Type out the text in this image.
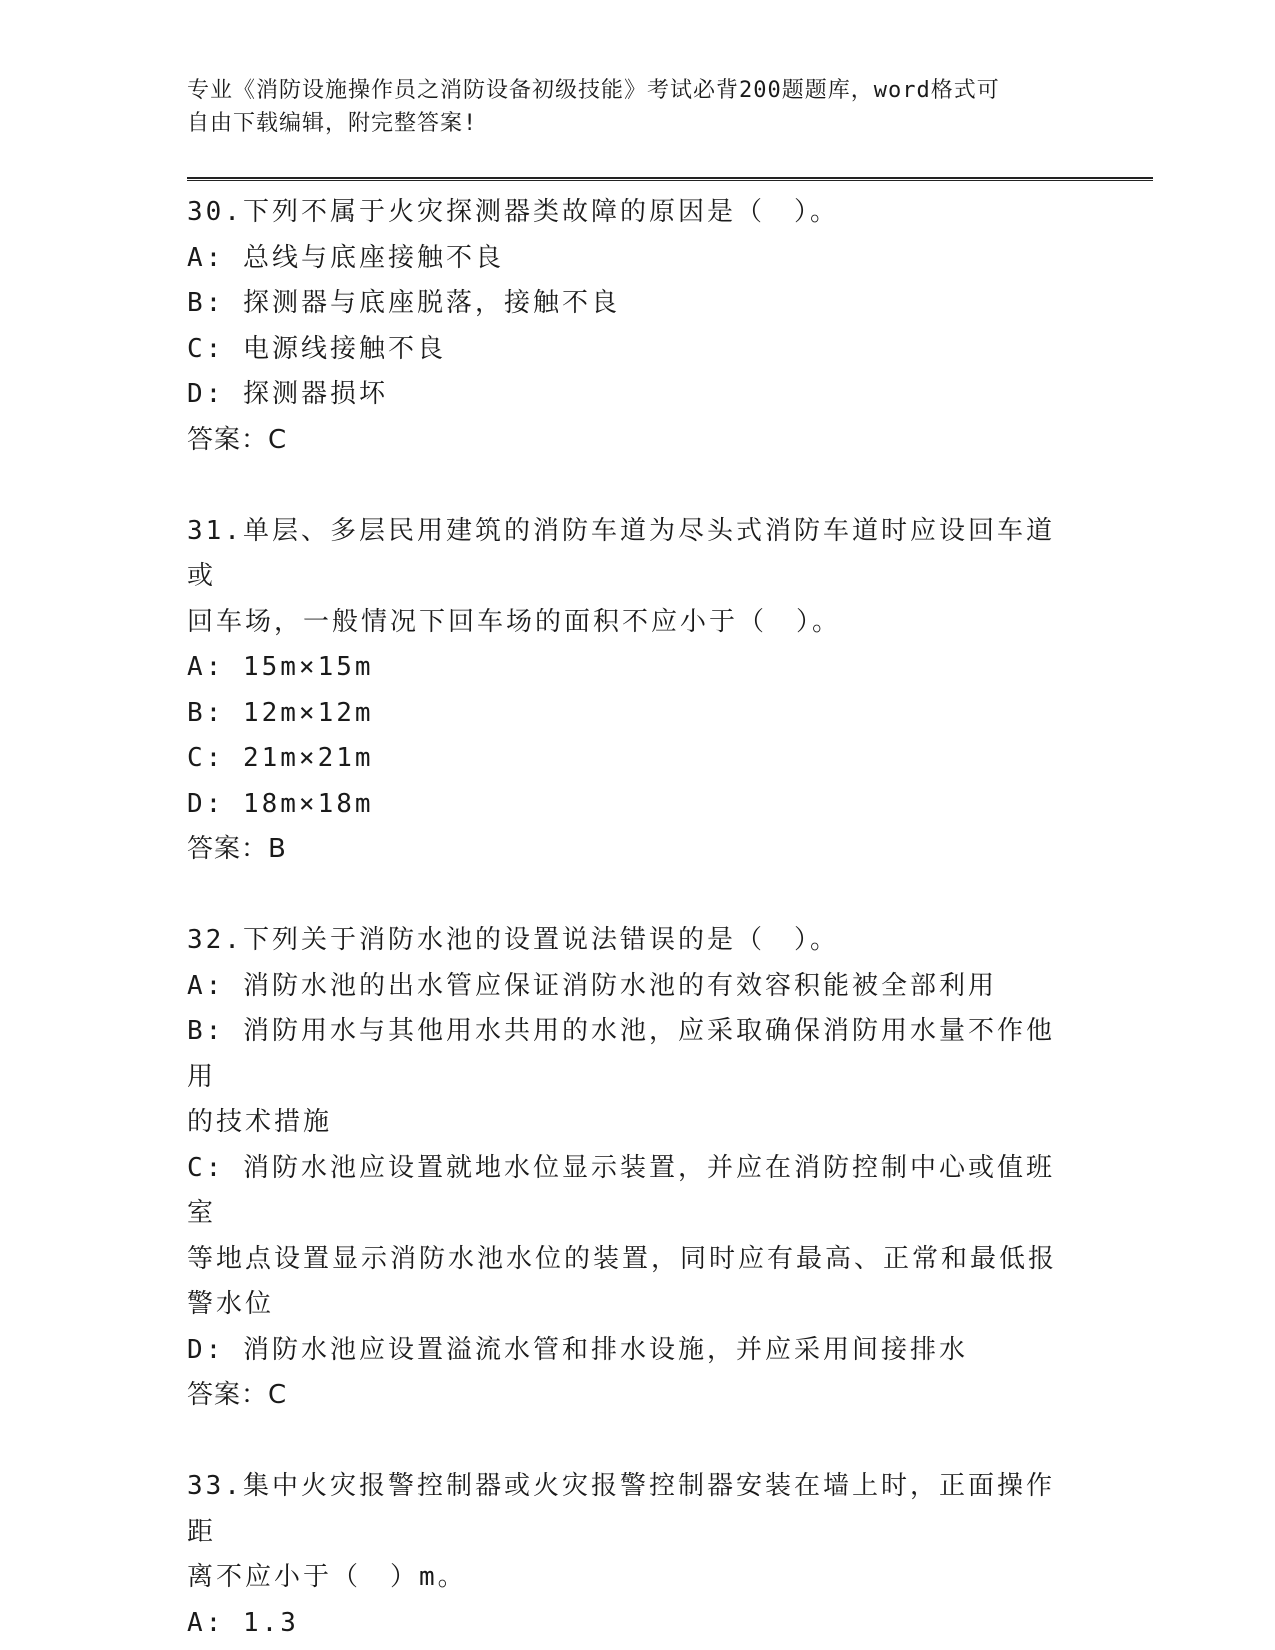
专业《消防设施操作员之消防设备初级技能》考试必背200题题库，word格式可
自由下载编辑，附完整答案!
30.下列不属于火灾探测器类故障的原因是（　）。
A: 总线与底座接触不良
B: 探测器与底座脱落，接触不良
C: 电源线接触不良
D: 探测器损坏
答案：C
31.单层、多层民用建筑的消防车道为尽头式消防车道时应设回车道或
回车场，一般情况下回车场的面积不应小于（　）。
A: 15m×15m
B: 12m×12m
C: 21m×21m
D: 18m×18m
答案：B
32.下列关于消防水池的设置说法错误的是（　）。
A: 消防水池的出水管应保证消防水池的有效容积能被全部利用
B: 消防用水与其他用水共用的水池，应采取确保消防用水量不作他用
的技术措施
C: 消防水池应设置就地水位显示装置，并应在消防控制中心或值班室
等地点设置显示消防水池水位的装置，同时应有最高、正常和最低报
警水位
D: 消防水池应设置溢流水管和排水设施，并应采用间接排水
答案：C
33.集中火灾报警控制器或火灾报警控制器安装在墙上时，正面操作距
离不应小于（　）m。
A: 1.3
